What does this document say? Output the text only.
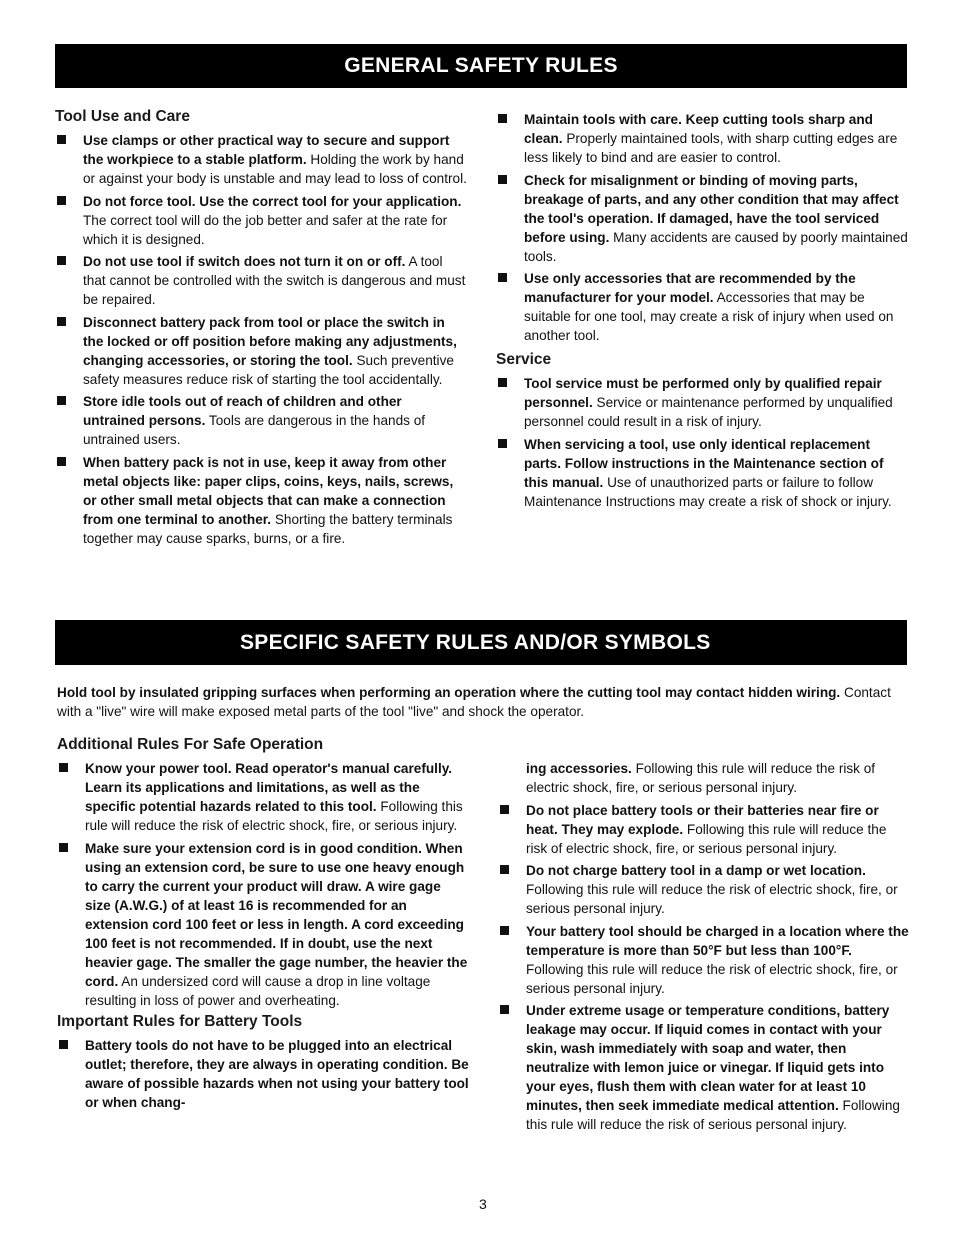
GENERAL SAFETY RULES
Tool Use and Care
Use clamps or other practical way to secure and support the workpiece to a stable platform. Holding the work by hand or against your body is unstable and may lead to loss of control.
Do not force tool. Use the correct tool for your application. The correct tool will do the job better and safer at the rate for which it is designed.
Do not use tool if switch does not turn it on or off. A tool that cannot be controlled with the switch is dangerous and must be repaired.
Disconnect battery pack from tool or place the switch in the locked or off position before making any adjustments, changing accessories, or storing the tool. Such preventive safety measures reduce risk of starting the tool accidentally.
Store idle tools out of reach of children and other untrained persons. Tools are dangerous in the hands of untrained users.
When battery pack is not in use, keep it away from other metal objects like: paper clips, coins, keys, nails, screws, or other small metal objects that can make a connection from one terminal to another. Shorting the battery terminals together may cause sparks, burns, or a fire.
Maintain tools with care. Keep cutting tools sharp and clean. Properly maintained tools, with sharp cutting edges are less likely to bind and are easier to control.
Check for misalignment or binding of moving parts, breakage of parts, and any other condition that may affect the tool's operation. If damaged, have the tool serviced before using. Many accidents are caused by poorly maintained tools.
Use only accessories that are recommended by the manufacturer for your model. Accessories that may be suitable for one tool, may create a risk of injury when used on another tool.
Service
Tool service must be performed only by qualified repair personnel. Service or maintenance performed by unqualified personnel could result in a risk of injury.
When servicing a tool, use only identical replacement parts. Follow instructions in the Maintenance section of this manual. Use of unauthorized parts or failure to follow Maintenance Instructions may create a risk of shock or injury.
SPECIFIC SAFETY RULES AND/OR SYMBOLS
Hold tool by insulated gripping surfaces when performing an operation where the cutting tool may contact hidden wiring. Contact with a "live" wire will make exposed metal parts of the tool "live" and shock the operator.
Additional Rules For Safe Operation
Know your power tool. Read operator's manual carefully. Learn its applications and limitations, as well as the specific potential hazards related to this tool. Following this rule will reduce the risk of electric shock, fire, or serious injury.
Make sure your extension cord is in good condition. When using an extension cord, be sure to use one heavy enough to carry the current your product will draw. A wire gage size (A.W.G.) of at least 16 is recommended for an extension cord 100 feet or less in length. A cord exceeding 100 feet is not recommended. If in doubt, use the next heavier gage. The smaller the gage number, the heavier the cord. An undersized cord will cause a drop in line voltage resulting in loss of power and overheating.
Important Rules for Battery Tools
Battery tools do not have to be plugged into an electrical outlet; therefore, they are always in operating condition. Be aware of possible hazards when not using your battery tool or when chang-
ing accessories. Following this rule will reduce the risk of electric shock, fire, or serious personal injury.
Do not place battery tools or their batteries near fire or heat. They may explode. Following this rule will reduce the risk of electric shock, fire, or serious personal injury.
Do not charge battery tool in a damp or wet location. Following this rule will reduce the risk of electric shock, fire, or serious personal injury.
Your battery tool should be charged in a location where the temperature is more than 50°F but less than 100°F. Following this rule will reduce the risk of electric shock, fire, or serious personal injury.
Under extreme usage or temperature conditions, battery leakage may occur. If liquid comes in contact with your skin, wash immediately with soap and water, then neutralize with lemon juice or vinegar. If liquid gets into your eyes, flush them with clean water for at least 10 minutes, then seek immediate medical attention. Following this rule will reduce the risk of serious personal injury.
3
